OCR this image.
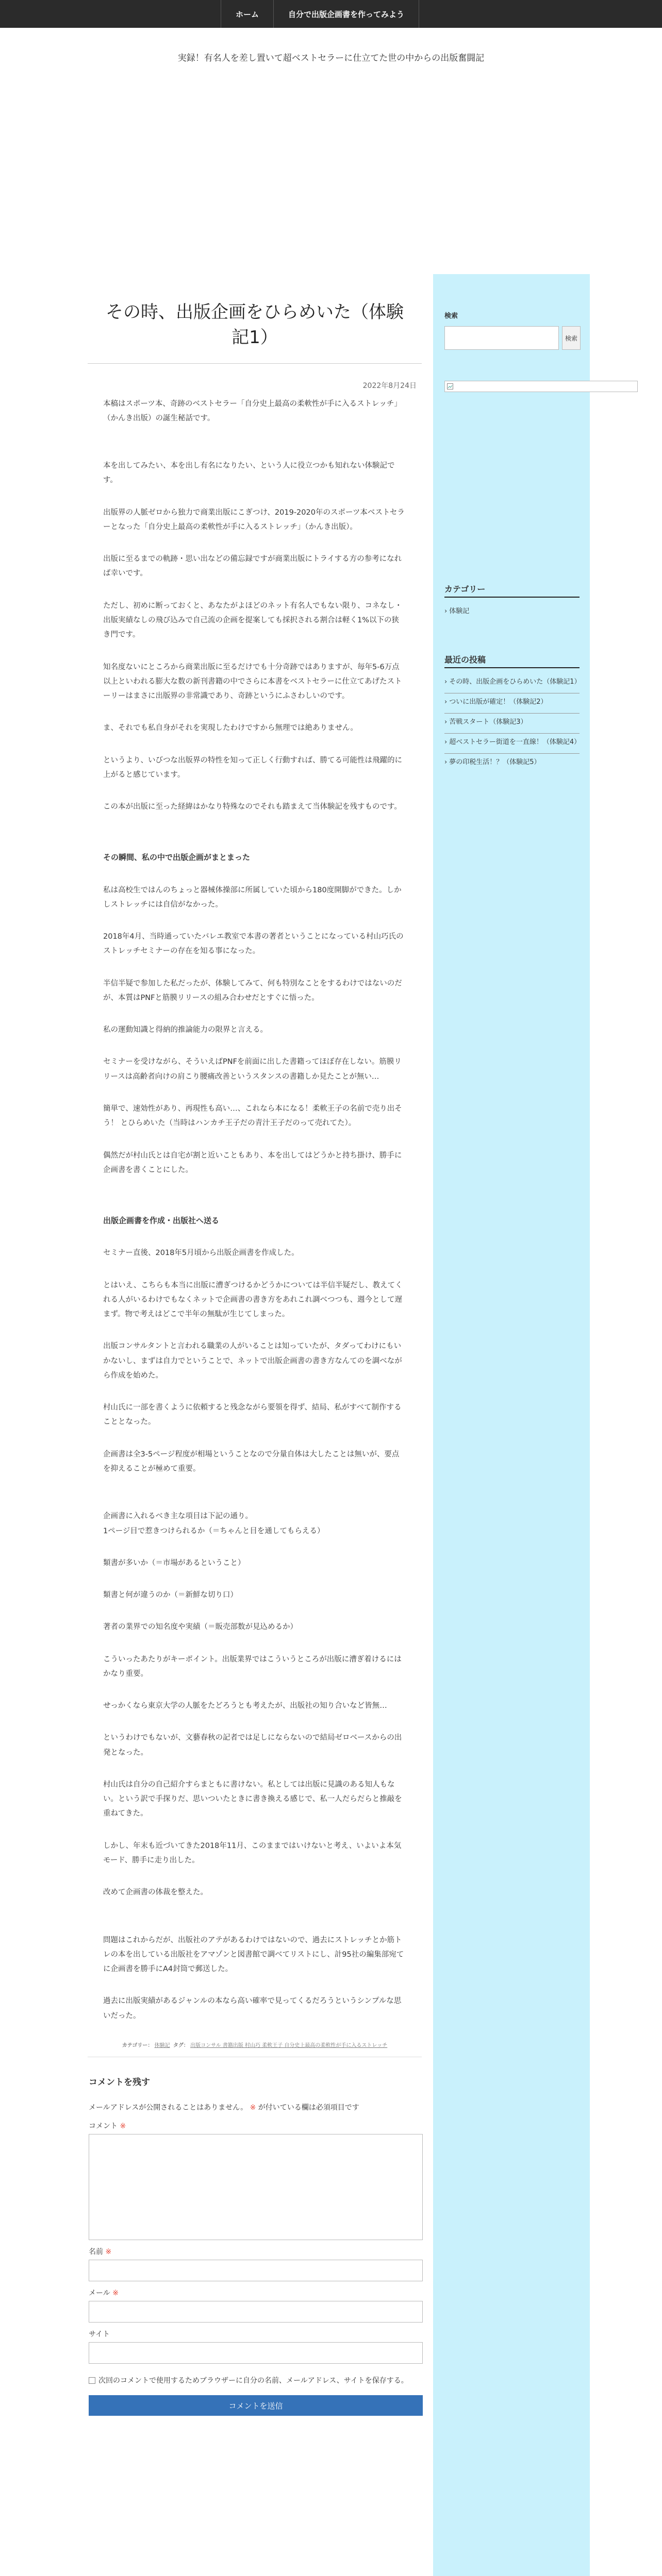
ホーム	自分で出版企画書を作ってみよう
実録！有名人を差し置いて超ベストセラーに仕立てた世の中からの出版奮闘記
その時、出版企画をひらめいた（体験記1）
2022年8月24日

本稿はスポーツ本、奇跡のベストセラー「自分史上最高の柔軟性が手に入るストレッチ」（かんき出版）の誕生秘話です。

本を出してみたい、本を出し有名になりたい、という人に役立つかも知れない体験記です。

出版界の人脈ゼロから独力で商業出版にこぎつけ、2019-2020年のスポーツ本ベストセラーとなった「自分史上最高の柔軟性が手に入るストレッチ」（かんき出版）。

出版に至るまでの軌跡・思い出などの備忘録ですが商業出版にトライする方の参考になれば幸いです。

ただし、初めに断っておくと、あなたがよほどのネット有名人でもない限り、コネなし・出版実績なしの飛び込みで自己流の企画を提案しても採択される割合は軽く1%以下の狭き門です。

知名度ないにところから商業出版に至るだけでも十分奇跡ではありますが、毎年5-6万点以上といわれる膨大な数の新刊書籍の中でさらに本書をベストセラーに仕立てあげたストーリーはまさに出版界の非常識であり、奇跡というにふさわしいのです。

ま、それでも私自身がそれを実現したわけですから無理では絶ありません。

というより、いびつな出版界の特性を知って正しく行動すれば、勝てる可能性は飛躍的に上がると感じています。

この本が出版に至った経緯はかなり特殊なのでそれも踏まえて当体験記を残すものです。

その瞬間、私の中で出版企画がまとまった

私は高校生ではんのちょっと器械体操部に所属していた頃から180度開脚ができた。しかしストレッチには自信がなかった。

2018年4月、当時通っていたバレエ教室で本書の著者ということになっている村山巧氏のストレッチセミナーの存在を知る事になった。

半信半疑で参加した私だったが、体験してみて、何も特別なことをするわけではないのだが、本質はPNFと筋膜リリースの組み合わせだとすぐに悟った。

私の運動知識と得納的推論能力の限界と言える。

セミナーを受けながら、そういえばPNFを前面に出した書籍ってほぼ存在しない。筋膜リリースは高齢者向けの肩こり腰痛改善というスタンスの書籍しか見たことが無い…

簡単で、速効性があり、再現性も高い…、これなら本になる！柔軟王子の名前で売り出そう！ とひらめいた（当時はハンカチ王子だの青汁王子だのって売れてた）。

偶然だが村山氏とは自宅が割と近いこともあり、本を出してはどうかと持ち掛け、勝手に企画書を書くことにした。

出版企画書を作成・出版社へ送る

セミナー直後、2018年5月頃から出版企画書を作成した。

とはいえ、こちらも本当に出版に漕ぎつけるかどうかについては半信半疑だし、教えてくれる人がいるわけでもなくネットで企画書の書き方をあれこれ調べつつも、週今として遅まず。物で考えはどこで半年の無駄が生じてしまった。

出版コンサルタントと言われる職業の人がいることは知っていたが、タダってわけにもいかないし、まずは自力でということで、ネットで出版企画書の書き方なんてのを調べながら作成を始めた。

村山氏に一部を書くように依頼すると残念ながら要領を得ず、結局、私がすべて制作することとなった。

企画書は全3-5ページ程度が相場ということなので分量自体は大したことは無いが、要点を抑えることが極めて重要。

企画書に入れるべき主な項目は下記の通り。
1ページ目で惹きつけられるか（＝ちゃんと目を通してもらえる）

類書が多いか（＝市場があるということ）

類書と何が違うのか（＝新鮮な切り口）

著者の業界での知名度や実績（＝販売部数が見込めるか）

こういったあたりがキーポイント。出版業界ではこういうところが出版に漕ぎ着けるにはかなり重要。

せっかくなら東京大学の人脈をたどろうとも考えたが、出版社の知り合いなど皆無…

というわけでもないが、文藝春秋の記者では足しにならないので結局ゼロベースからの出発となった。

村山氏は自分の自己紹介すらまともに書けない。私としては出版に見識のある知人もない。という訳で手探りだ、思いついたときに書き換える感じで、私一人だらだらと推敲を重ねてきた。

しかし、年末も近づいてきた2018年11月、このままではいけないと考え、いよいよ本気モード、勝手に走り出した。

改めて企画書の体裁を整えた。

問題はこれからだが、出版社のアテがあるわけではないので、過去にストレッチとか筋トレの本を出している出版社をアマゾンと図書館で調べてリストにし、計95社の編集部宛てに企画書を勝手にA4封筒で郵送した。

過去に出版実績があるジャンルの本なら高い確率で見ってくるだろうというシンプルな思いだった。

カテゴリー： 体験記 タグ： 出版コンサル 書籍出版 村山巧 柔軟王子 自分史上最高の柔軟性が手に入るストレッチ
コメントを残す
メールアドレスが公開されることはありません。 ※ が付いている欄は必須項目です
コメント ※
名前 ※
メール ※
サイト
次回のコメントで使用するためブラウザーに自分の名前、メールアドレス、サイトを保存する。
コメントを送信
検索
検索
カテゴリー
› 体験記
最近の投稿
› その時、出版企画をひらめいた（体験記1）
› ついに出版が確定！（体験記2）
› 苦戦スタート（体験記3）
› 超ベストセラー街道を一直線！（体験記4）
› 夢の印税生活！？（体験記5）
